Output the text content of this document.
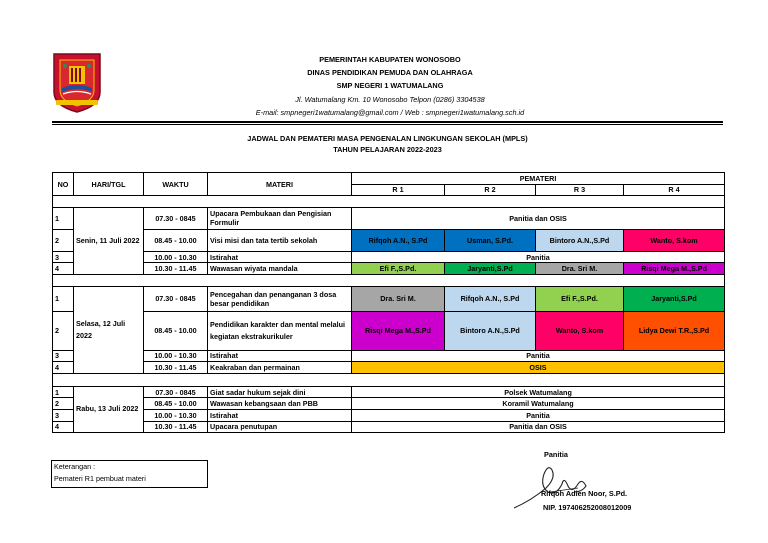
PEMERINTAH KABUPATEN WONOSOBO
DINAS PENDIDIKAN PEMUDA DAN OLAHRAGA
SMP NEGERI 1 WATUMALANG
Jl. Watumalang Km. 10 Wonosobo Telpon (0286) 3304538
E-mail: smpnegeri1watumalang@gmail.com / Web : smpnegeri1watumalang.sch.id
JADWAL DAN PEMATERI MASA PENGENALAN LINGKUNGAN SEKOLAH (MPLS)
TAHUN PELAJARAN 2022-2023
NO	HARI/TGL	WAKTU	MATERI	PEMATERI			
				R 1	R 2	R 3	R 4

1	Senin, 11 Juli 2022	07.30 - 0845	Upacara Pembukaan dan Pengisian Formulir	Panitia dan OSIS			
2		08.45 - 10.00	Visi misi dan tata tertib sekolah	Rifqoh A.N., S.Pd	Usman, S.Pd.	Bintoro A.N.,S.Pd	Wanto, S.kom
3		10.00 - 10.30	Istirahat	Panitia			
4		10.30 - 11.45	Wawasan wiyata mandala	Efi F.,S.Pd.	Jaryanti,S.Pd	Dra. Sri M.	Risqi Mega M.,S.Pd

1	Selasa, 12 Juli 2022	07.30 - 0845	Pencegahan dan penanganan 3 dosa besar pendidikan	Dra. Sri M.	Rifqoh A.N., S.Pd	Efi F.,S.Pd.	Jaryanti,S.Pd
2		08.45 - 10.00	Pendidikan karakter dan mental melalui kegiatan ekstrakurikuler	Risqi Mega M.,S.Pd	Bintoro A.N.,S.Pd	Wanto, S.kom	Lidya Dewi T.R.,S.Pd
3		10.00 - 10.30	Istirahat	Panitia			
4		10.30 - 11.45	Keakraban dan permainan	OSIS			

1	Rabu, 13 Juli 2022	07.30 - 0845	Giat sadar hukum sejak dini	Polsek Watumalang			
2		08.45 - 10.00	Wawasan kebangsaan dan PBB	Koramil Watumalang			
3		10.00 - 10.30	Istirahat	Panitia			
4		10.30 - 11.45	Upacara penutupan	Panitia dan OSIS			
Keterangan :
Pemateri R1 pembuat materi
Panitia
Rifqoh Adien Noor, S.Pd.
NIP. 197406252008012009
